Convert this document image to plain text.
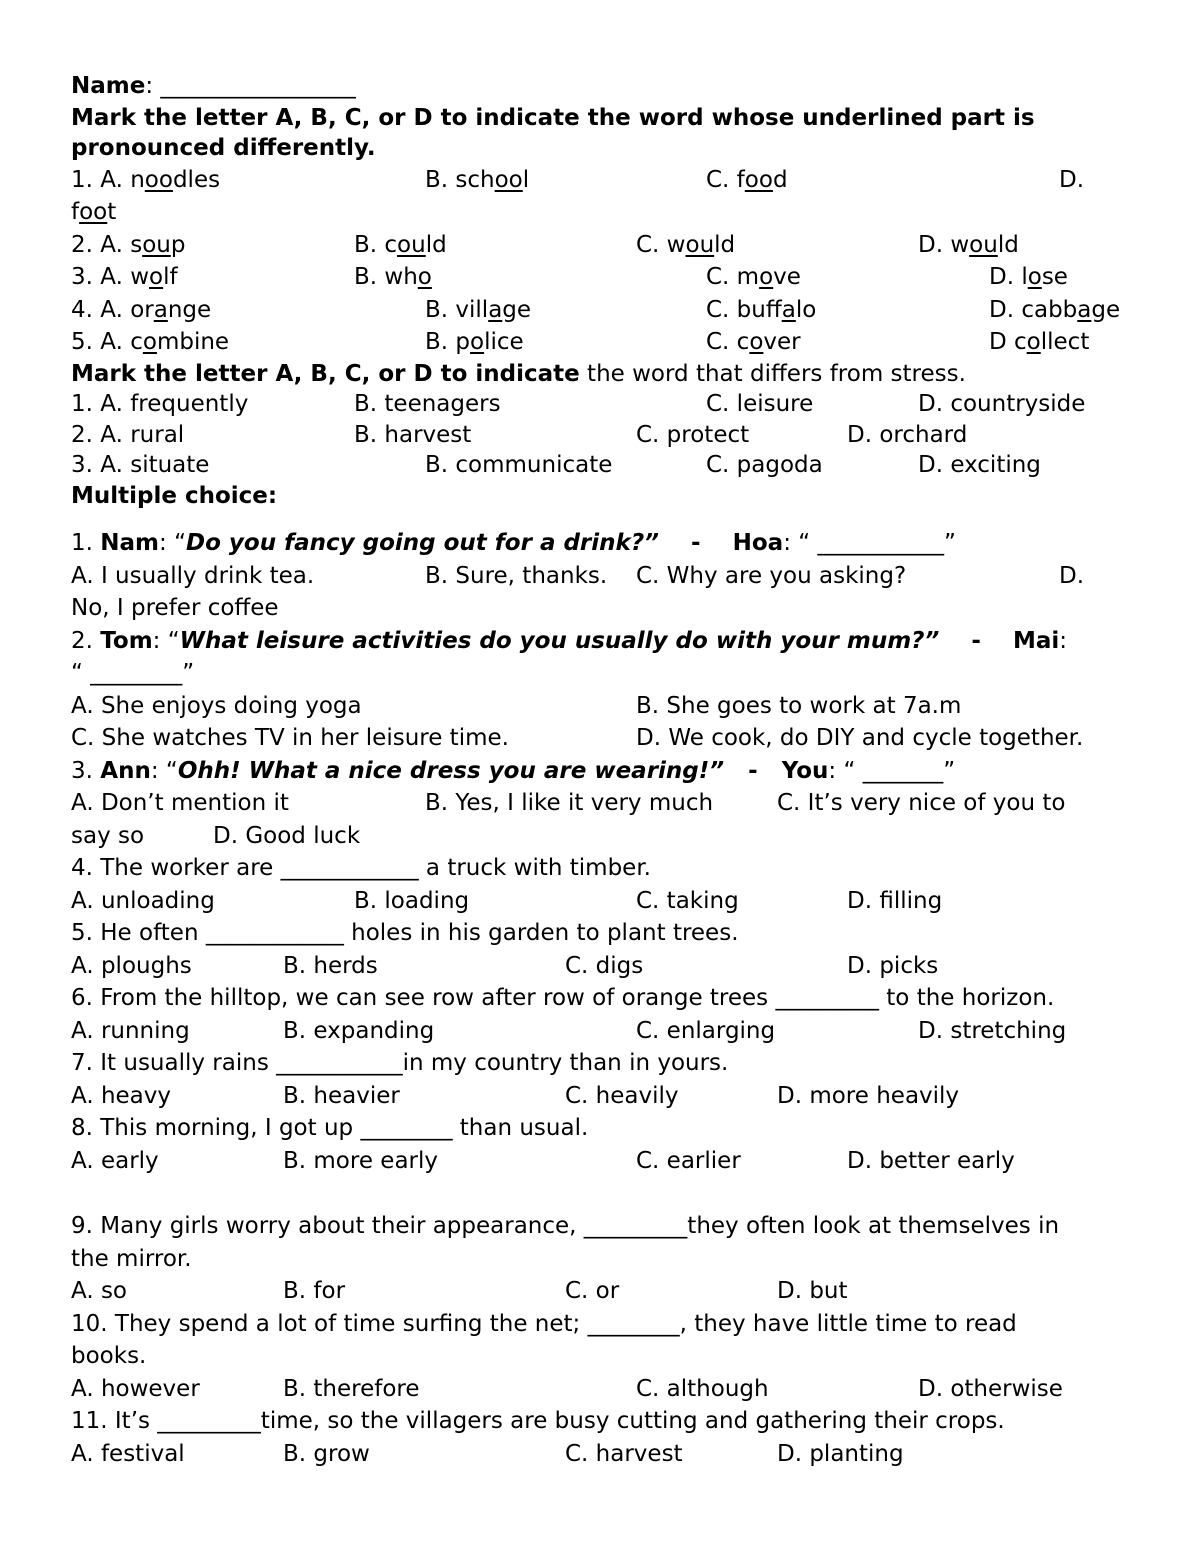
Name: _________________
Mark the letter A, B, C, or D to indicate the word whose underlined part is
pronounced differently.
1. A. noodles	B. school	C. food	D.
foot
2. A. soup	B. could	C. would	D. would
3. A. wolf	B. who	C. move	D. lose
4. A. orange	B. village	C. buffalo	D. cabbage
5. A. combine	B. police	C. cover	D collect
Mark the letter A, B, C, or D to indicate the word that differs from stress.
1. A. frequently	B. teenagers	C. leisure	D. countryside
2. A. rural	B. harvest	C. protect	D. orchard
3. A. situate	B. communicate	C. pagoda	D. exciting
Multiple choice:
1. Nam: “Do you fancy going out for a drink?”    -    Hoa: “ ___________”
A. I usually drink tea.	B. Sure, thanks. C. Why are you asking?	D.
No, I prefer coffee
2. Tom: “What leisure activities do you usually do with your mum?”    -    Mai:
“ ________”
A. She enjoys doing yoga	B. She goes to work at 7a.m
C. She watches TV in her leisure time.	D. We cook, do DIY and cycle together.
3. Ann: “Ohh! What a nice dress you are wearing!”   -   You: “ _______”
A. Don’t mention it	B. Yes, I like it very much	C. It’s very nice of you to
say so	D. Good luck
4. The worker are ____________ a truck with timber.
A. unloading	B. loading	C. taking	D. filling
5. He often ____________ holes in his garden to plant trees.
A. ploughs	B. herds	C. digs	D. picks
6. From the hilltop, we can see row after row of orange trees _________ to the horizon.
A. running	B. expanding	C. enlarging	D. stretching
7. It usually rains ___________in my country than in yours.
A. heavy	B. heavier	C. heavily	D. more heavily
8. This morning, I got up ________ than usual.
A. early	B. more early	C. earlier	D. better early
9. Many girls worry about their appearance, _________they often look at themselves in
the mirror.
A. so	B. for	C. or	D. but
10. They spend a lot of time surfing the net; ________, they have little time to read
books.
A. however	B. therefore	C. although	D. otherwise
11. It’s _________time, so the villagers are busy cutting and gathering their crops.
A. festival	B. grow	C. harvest	D. planting
